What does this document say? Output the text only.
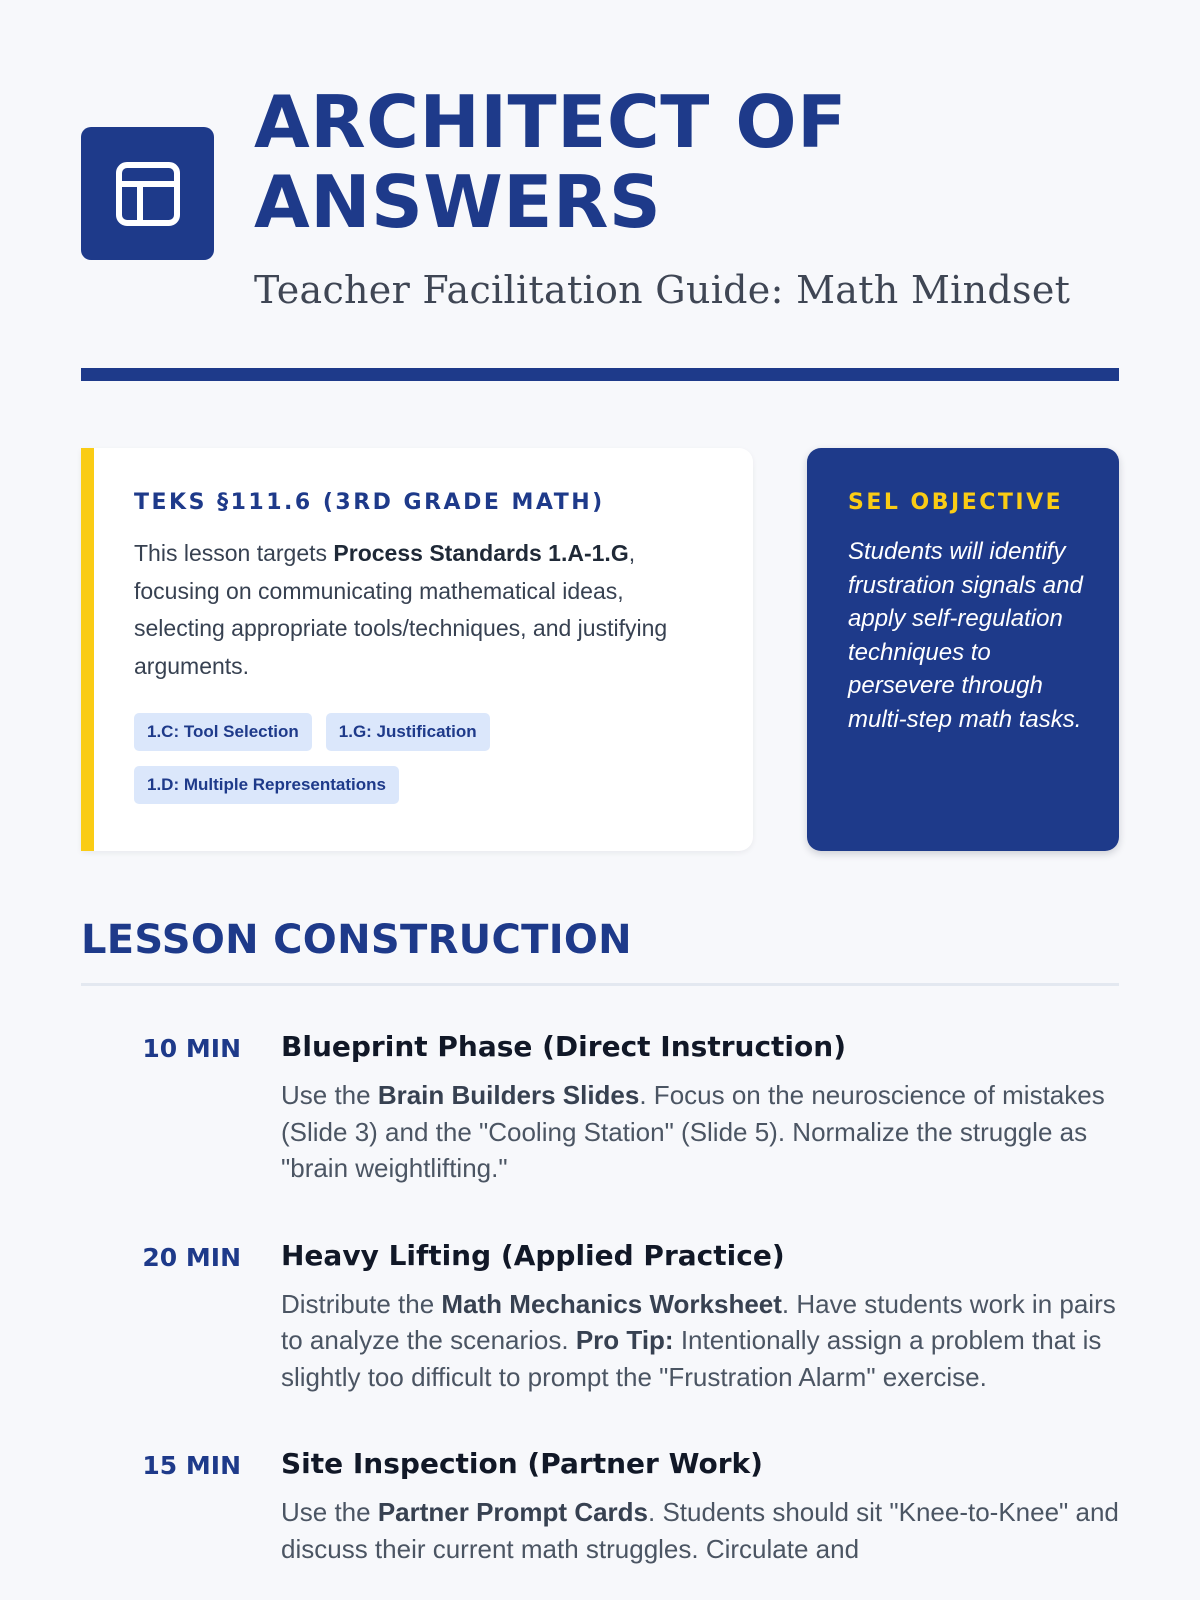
ARCHITECT OF ANSWERS
Teacher Facilitation Guide: Math Mindset
TEKS §111.6 (3RD GRADE MATH)

This lesson targets Process Standards 1.A-1.G, focusing on communicating mathematical ideas, selecting appropriate tools/techniques, and justifying arguments.

1.C: Tool Selection	1.G: Justification
1.D: Multiple Representations
SEL OBJECTIVE

Students will identify frustration signals and apply self-regulation techniques to persevere through multi-step math tasks.

LESSON CONSTRUCTION
10 MIN Blueprint Phase (Direct Instruction)

Use the Brain Builders Slides. Focus on the neuroscience of mistakes (Slide 3) and the "Cooling Station" (Slide 5). Normalize the struggle as "brain weightlifting."

20 MIN Heavy Lifting (Applied Practice)

Distribute the Math Mechanics Worksheet. Have students work in pairs to analyze the scenarios. Pro Tip: Intentionally assign a problem that is slightly too difficult to prompt the "Frustration Alarm" exercise.

15 MIN Site Inspection (Partner Work)

Use the Partner Prompt Cards. Students should sit "Knee-to-Knee" and discuss their current math struggles. Circulate and
